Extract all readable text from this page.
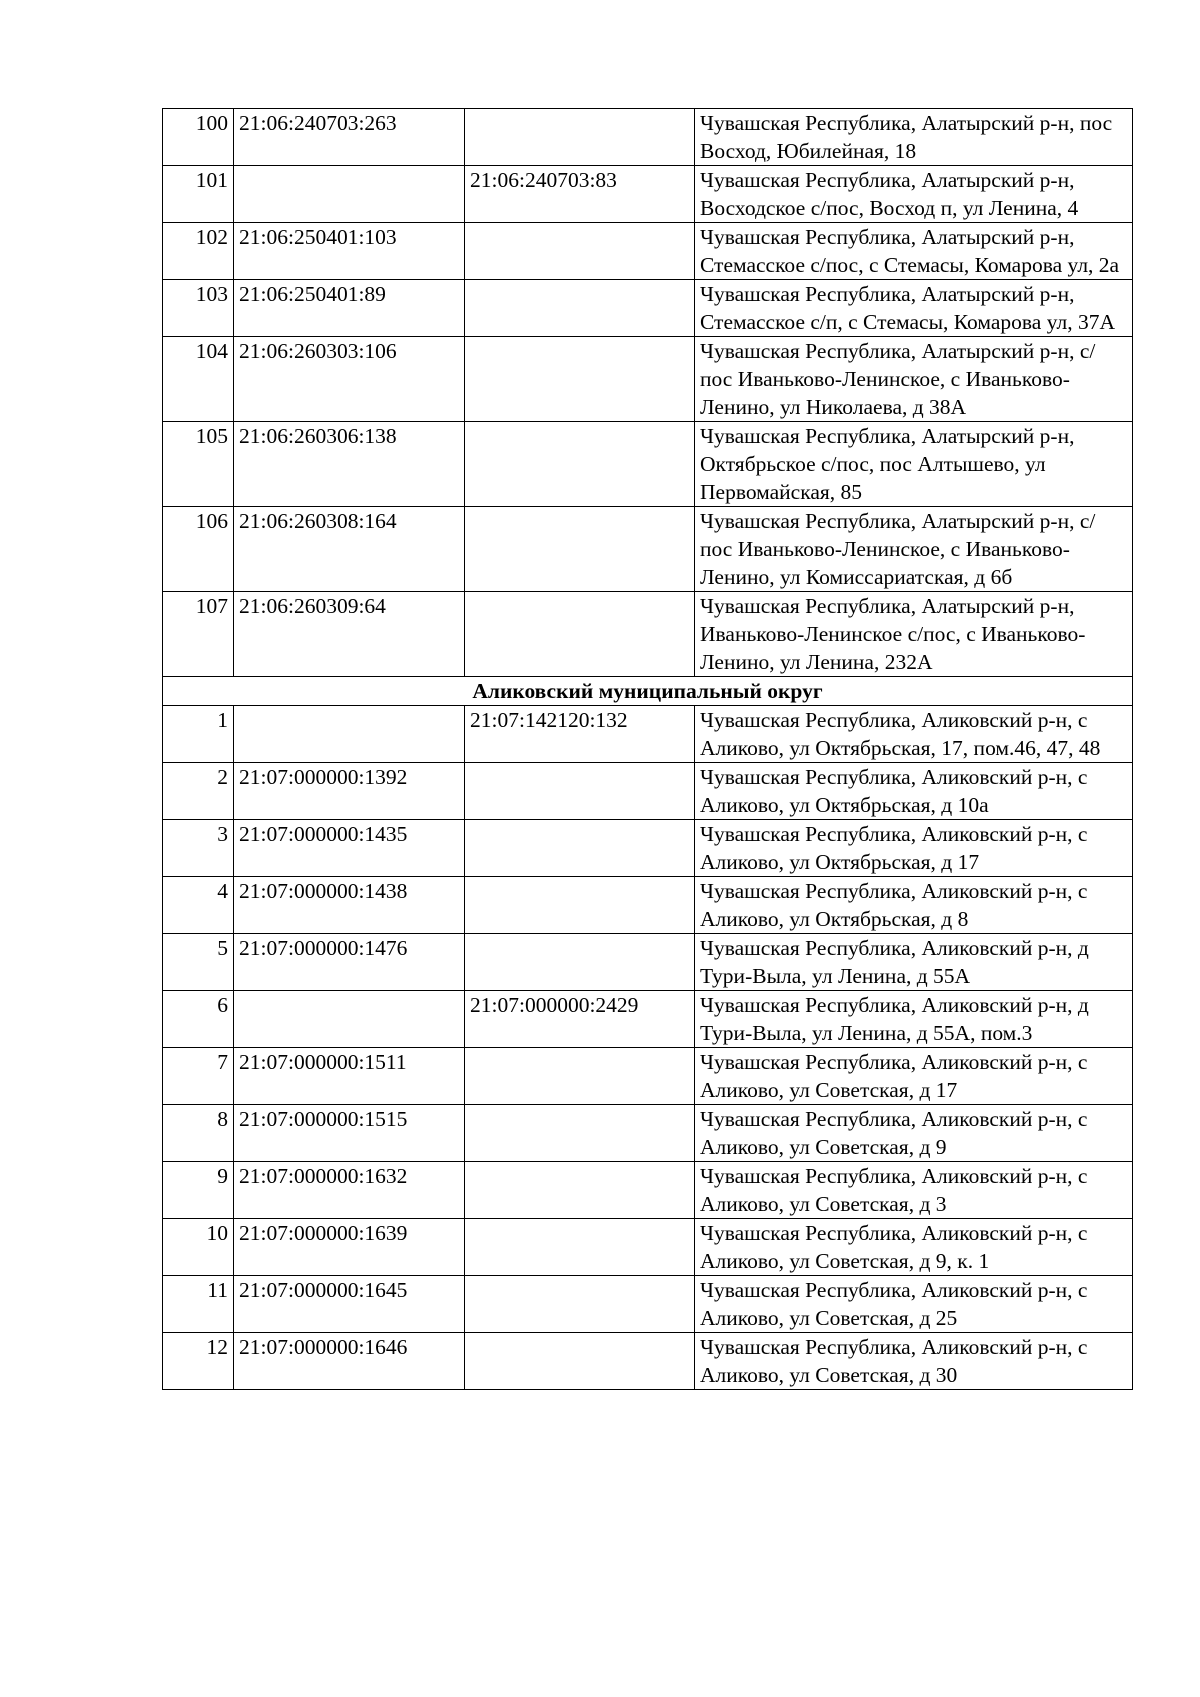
100	21:06:240703:263		Чувашская Республика, Алатырский р-н, пос Восход, Юбилейная, 18
101		21:06:240703:83	Чувашская Республика, Алатырский р-н, Восходское с/пос, Восход п, ул Ленина, 4
102	21:06:250401:103		Чувашская Республика, Алатырский р-н, Стемасское с/пос, с Стемасы, Комарова ул, 2а
103	21:06:250401:89		Чувашская Республика, Алатырский р-н, Стемасское с/п, с Стемасы, Комарова ул, 37А
104	21:06:260303:106		Чувашская Республика, Алатырский р-н, с/пос Иваньково-Ленинское, с Иваньково-Ленино, ул Николаева, д 38А
105	21:06:260306:138		Чувашская Республика, Алатырский р-н, Октябрьское с/пос, пос Алтышево, ул Первомайская, 85
106	21:06:260308:164		Чувашская Республика, Алатырский р-н, с/пос Иваньково-Ленинское, с Иваньково-Ленино, ул Комиссариатская, д 6б
107	21:06:260309:64		Чувашская Республика, Алатырский р-н, Иваньково-Ленинское с/пос, с Иваньково-Ленино, ул Ленина, 232А
Аликовский муниципальный округ			
1		21:07:142120:132	Чувашская Республика, Аликовский р-н, с Аликово, ул Октябрьская, 17, пом.46, 47, 48
2	21:07:000000:1392		Чувашская Республика, Аликовский р-н, с Аликово, ул Октябрьская, д 10а
3	21:07:000000:1435		Чувашская Республика, Аликовский р-н, с Аликово, ул Октябрьская, д 17
4	21:07:000000:1438		Чувашская Республика, Аликовский р-н, с Аликово, ул Октябрьская, д 8
5	21:07:000000:1476		Чувашская Республика, Аликовский р-н, д Тури-Выла, ул Ленина, д 55А
6		21:07:000000:2429	Чувашская Республика, Аликовский р-н, д Тури-Выла, ул Ленина, д 55А, пом.3
7	21:07:000000:1511		Чувашская Республика, Аликовский р-н, с Аликово, ул Советская, д 17
8	21:07:000000:1515		Чувашская Республика, Аликовский р-н, с Аликово, ул Советская, д 9
9	21:07:000000:1632		Чувашская Республика, Аликовский р-н, с Аликово, ул Советская, д 3
10	21:07:000000:1639		Чувашская Республика, Аликовский р-н, с Аликово, ул Советская, д 9, к. 1
11	21:07:000000:1645		Чувашская Республика, Аликовский р-н, с Аликово, ул Советская, д 25
12	21:07:000000:1646		Чувашская Республика, Аликовский р-н, с Аликово, ул Советская, д 30
